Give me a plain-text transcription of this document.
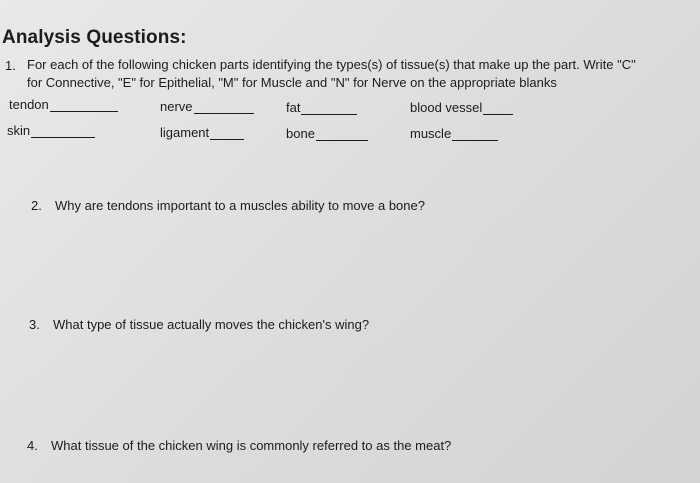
Analysis Questions:
1. For each of the following chicken parts identifying the types(s) of tissue(s) that make up the part. Write "C"
for Connective, "E" for Epithelial, "M" for Muscle and "N" for Nerve on the appropriate blanks
tendon	nerve	fat	blood vessel
skin	ligament	bone	muscle
2. Why are tendons important to a muscles ability to move a bone?
3. What type of tissue actually moves the chicken's wing?
4. What tissue of the chicken wing is commonly referred to as the meat?
